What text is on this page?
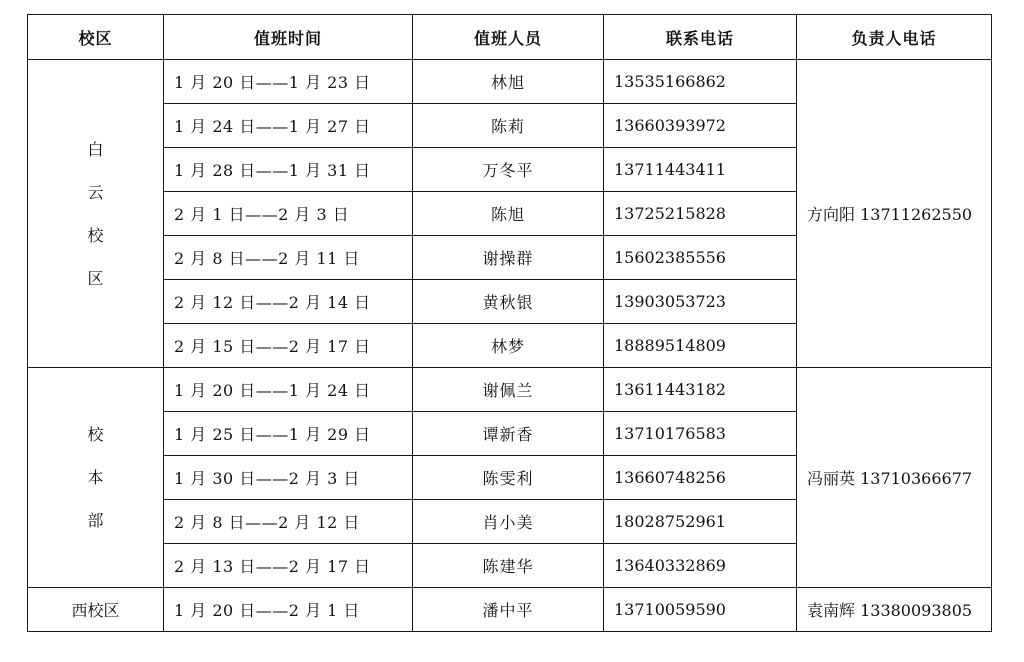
校区	值班时间	值班人员	联系电话	负责人电话
白云校区	1 月 20 日——1 月 23 日	林旭	13535166862	方向阳 13711262550
	1 月 24 日——1 月 27 日	陈莉	13660393972	
	1 月 28 日——1 月 31 日	万冬平	13711443411	
	2 月 1 日——2 月 3 日	陈旭	13725215828	
	2 月 8 日——2 月 11 日	谢操群	15602385556	
	2 月 12 日——2 月 14 日	黄秋银	13903053723	
	2 月 15 日——2 月 17 日	林梦	18889514809	
校本部	1 月 20 日——1 月 24 日	谢佩兰	13611443182	冯丽英 13710366677
	1 月 25 日——1 月 29 日	谭新香	13710176583	
	1 月 30 日——2 月 3 日	陈雯利	13660748256	
	2 月 8 日——2 月 12 日	肖小美	18028752961	
	2 月 13 日——2 月 17 日	陈建华	13640332869	
西校区	1 月 20 日——2 月 1 日	潘中平	13710059590	袁南辉 13380093805
